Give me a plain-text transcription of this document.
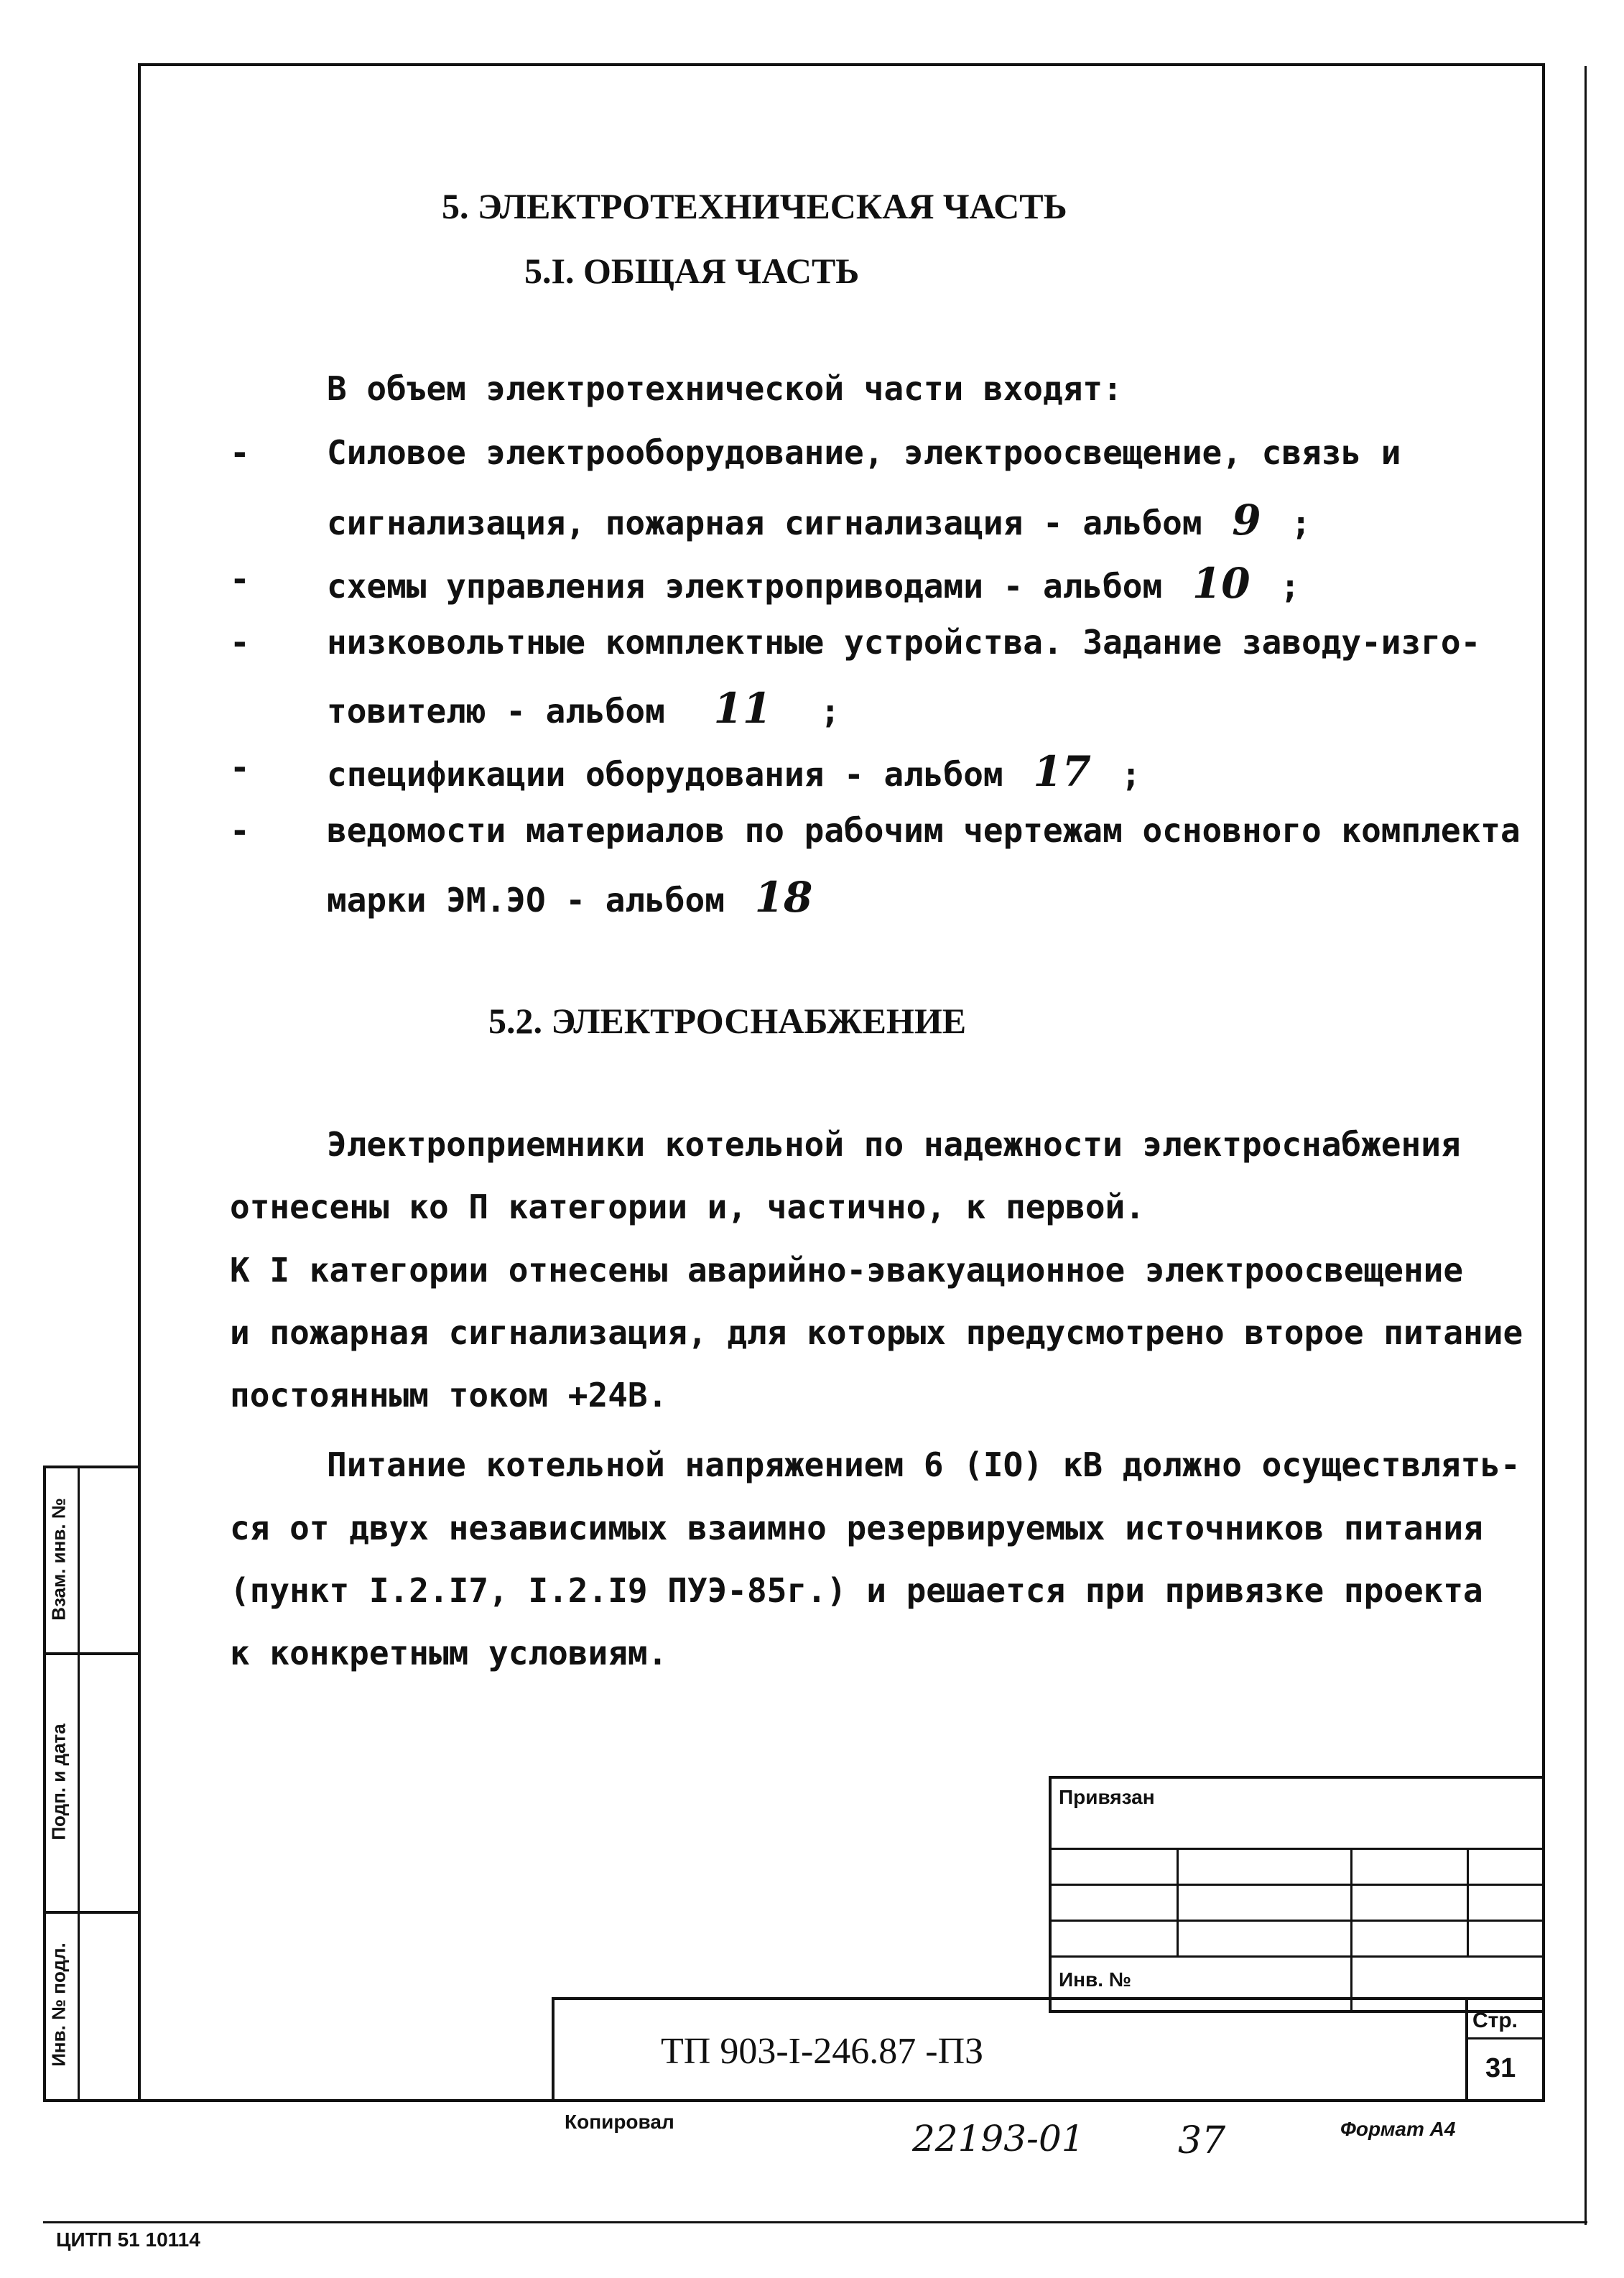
Взам. инв. №
Подп. и дата
Инв. № подл.
5. ЭЛЕКТРОТЕХНИЧЕСКАЯ ЧАСТЬ
5.I. ОБЩАЯ ЧАСТЬ
В объем электротехнической части входят:
- Силовое электрооборудование, электроосвещение, связь и
сигнализация, пожарная сигнализация - альбом 9 ;
- схемы управления электроприводами - альбом 10 ;
- низковольтные комплектные устройства. Задание заводу-изго-
товителю - альбом 11 ;
- спецификации оборудования - альбом 17 ;
- ведомости материалов по рабочим чертежам основного комплекта
марки ЭМ.ЭО - альбом 18
5.2. ЭЛЕКТРОСНАБЖЕНИЕ
Электроприемники котельной по надежности электроснабжения
отнесены ко П категории и, частично, к первой.
К I категории отнесены аварийно-эвакуационное электроосвещение
и пожарная сигнализация, для которых предусмотрено второе питание
постоянным током +24В.
Питание котельной напряжением 6 (IO) кВ должно осуществлять-
ся от двух независимых взаимно резервируемых источников питания
(пункт I.2.I7, I.2.I9 ПУЭ-85г.) и решается при привязке проекта
к конкретным условиям.
Привязан
Инв. №
ТП 903-I-246.87 -ПЗ
Стр.
31
Копировал	22193-01	37	Формат А4
ЦИТП 51 10114
